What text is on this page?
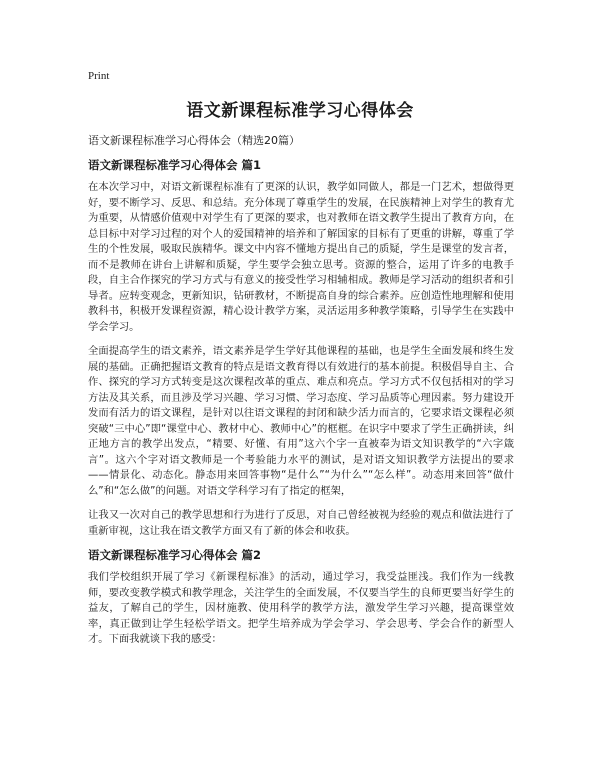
Print
语文新课程标准学习心得体会

语文新课程标准学习心得体会（精选20篇）

语文新课程标准学习心得体会 篇1

在本次学习中，对语文新课程标准有了更深的认识，教学如同做人，都是一门艺术，想做得更好，要不断学习、反思、和总结。充分体现了尊重学生的发展，在民族精神上对学生的教育尤为重要，从情感价值观中对学生有了更深的要求，也对教师在语文教学生提出了教育方向，在总目标中对学习过程的对个人的爱国精神的培养和了解国家的目标有了更重的讲解，尊重了学生的个性发展，吸取民族精华。课文中内容不懂地方提出自己的质疑，学生是课堂的发言者，而不是教师在讲台上讲解和质疑，学生要学会独立思考。资源的整合，运用了许多的电教手段，自主合作探究的学习方式与有意义的接受性学习相辅相成。教师是学习活动的组织者和引导者。应转变观念，更新知识，钻研教材，不断提高自身的综合素养。应创造性地理解和使用教科书，积极开发课程资源，精心设计教学方案，灵活运用多种教学策略，引导学生在实践中学会学习。

全面提高学生的语文素养，语文素养是学生学好其他课程的基础，也是学生全面发展和终生发展的基础。正确把握语文教育的特点是语文教育得以有效进行的基本前提。积极倡导自主、合作、探究的学习方式转变是这次课程改革的重点、难点和亮点。学习方式不仅包括相对的学习方法及其关系，而且涉及学习兴趣、学习习惯、学习态度、学习品质等心理因素。努力建设开发而有活力的语文课程，是针对以往语文课程的封闭和缺少活力而言的，它要求语文课程必须突破“三中心”即“课堂中心、教材中心、教师中心”的框框。在识字中要求了学生正确拼读，纠正地方言的教学出发点，“精要、好懂、有用”这六个字一直被奉为语文知识教学的“六字箴言”。这六个字对语文教师是一个考验能力水平的测试，是对语文知识教学方法提出的要求——情景化、动态化。静态用来回答事物“是什么”“为什么”“怎么样”。动态用来回答“做什么”和“怎么做”的问题。对语文学科学习有了指定的框架，

让我又一次对自己的教学思想和行为进行了反思，对自己曾经被视为经验的观点和做法进行了重新审视，这让我在语文教学方面又有了新的体会和收获。

语文新课程标准学习心得体会 篇2

我们学校组织开展了学习《新课程标准》的活动，通过学习，我受益匪浅。我们作为一线教师，要改变教学模式和教学理念，关注学生的全面发展，不仅要当学生的良师更要当好学生的益友，了解自己的学生，因材施教、使用科学的教学方法，激发学生学习兴趣，提高课堂效率，真正做到让学生轻松学语文。把学生培养成为学会学习、学会思考、学会合作的新型人才。下面我就谈下我的感受：
